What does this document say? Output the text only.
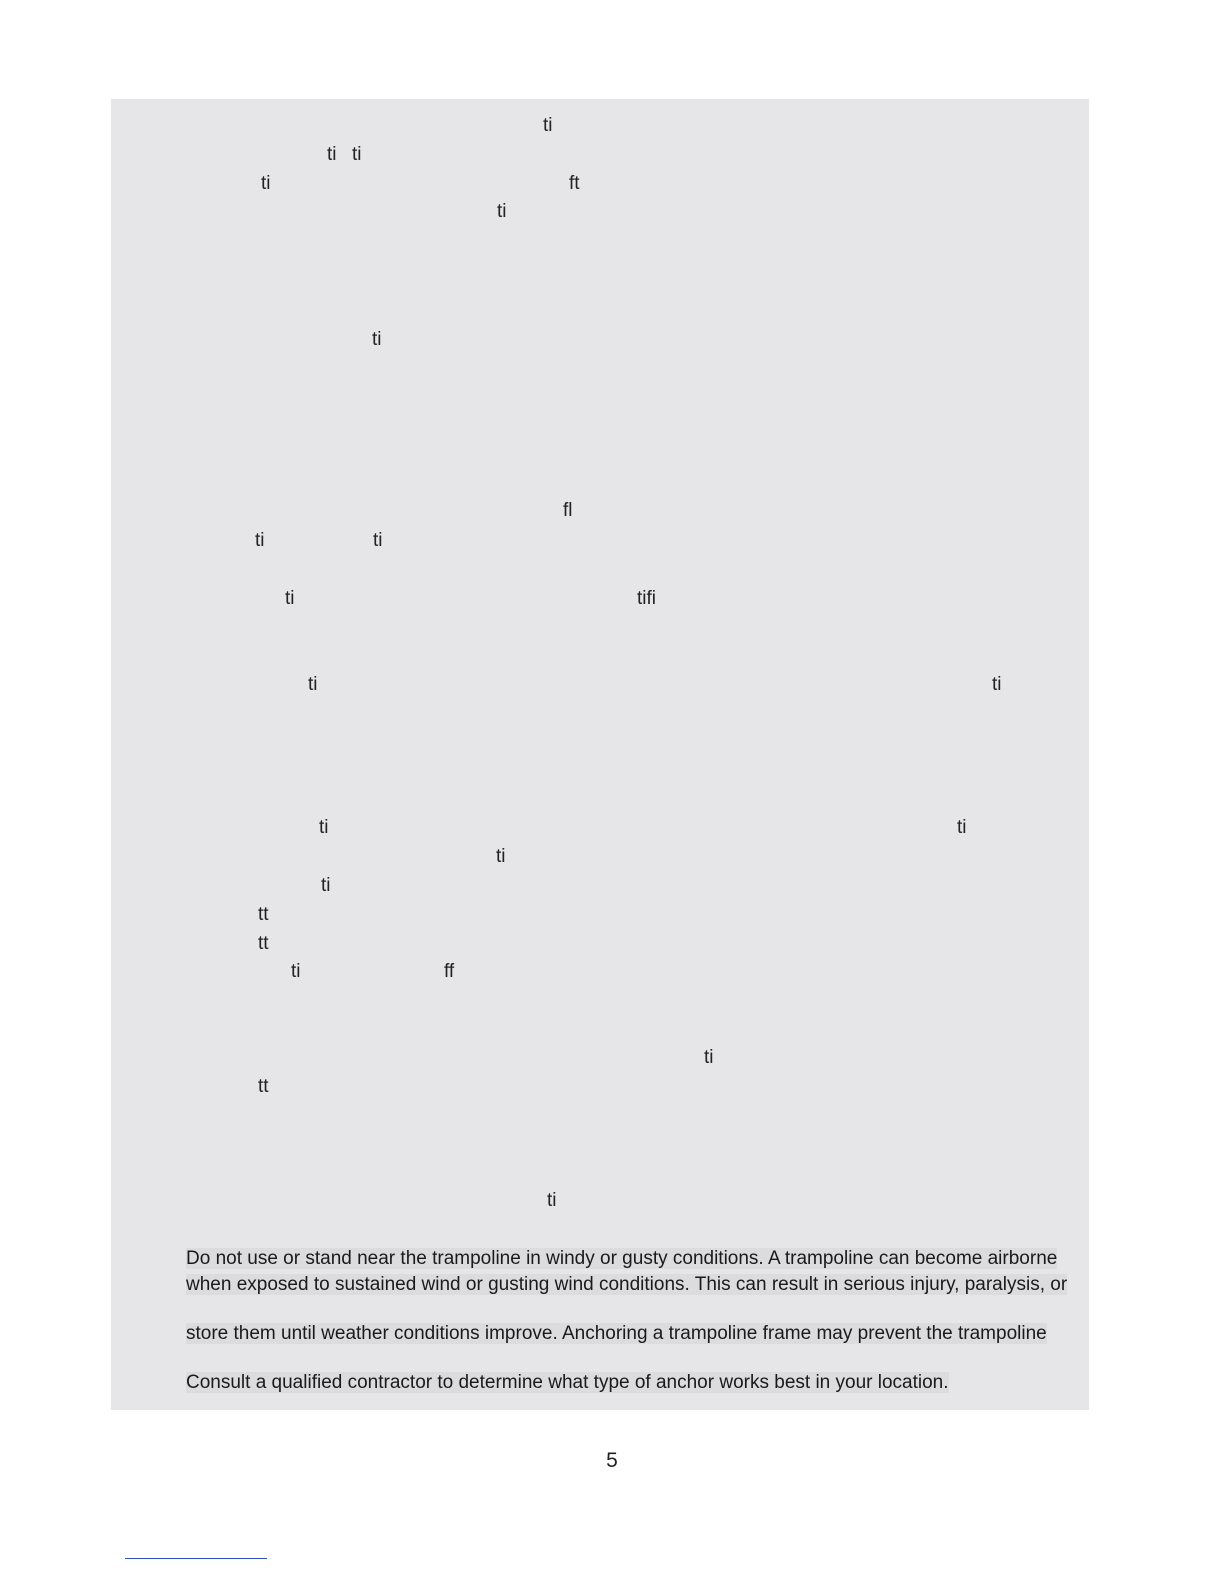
ti
ti ti
ti	ft
ti
ti
fl
ti	ti
ti	tifi
ti	ti
ti	ti
ti
ti
tt
tt
ti	ff
ti
tt
ti
Do not use or stand near the trampoline in windy or gusty conditions. A trampoline can become airborne
when exposed to sustained wind or gusting wind conditions. This can result in serious injury, paralysis, or
store them until weather conditions improve. Anchoring a trampoline frame may prevent the trampoline
Consult a qualified contractor to determine what type of anchor works best in your location.
5
